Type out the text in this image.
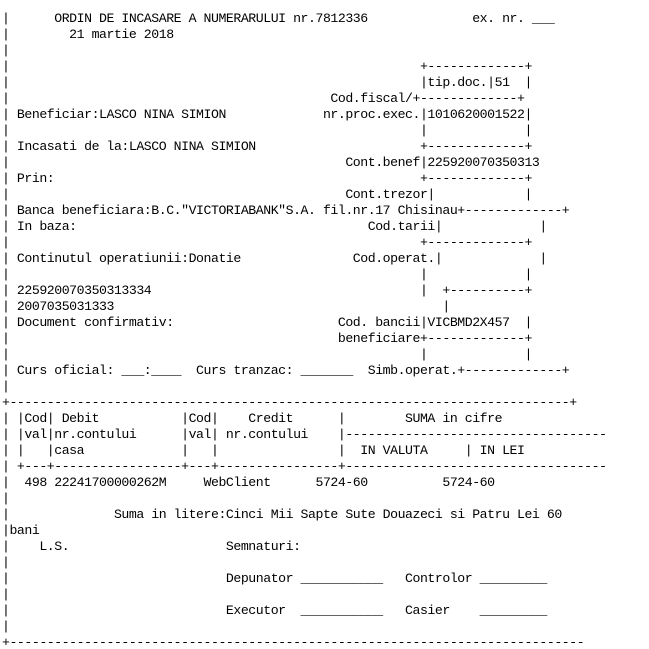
|      ORDIN DE INCASARE A NUMERARULUI nr.7812336              ex. nr. ___
|        21 martie 2018
|
|                                                       +-------------+
|                                                       |tip.doc.|51  |
|                                           Cod.fiscal/+-------------+
| Beneficiar:LASCO NINA SIMION             nr.proc.exec.|1010620001522|
|                                                       |             |
| Incasati de la:LASCO NINA SIMION                      +-------------+
|                                             Cont.benef|225920070350313
| Prin:                                                 +-------------+
|                                             Cont.trezor|            |
| Banca beneficiara:B.C."VICTORIABANK"S.A. fil.nr.17 Chisinau+-------------+
| In baza:                                       Cod.tarii|             |
|                                                       +-------------+
| Continutul operatiunii:Donatie               Cod.operat.|             |
|                                                       |             |
| 225920070350313334                                    |  +----------+
| 2007035031333                                            |
| Document confirmativ:                      Cod. bancii|VICBMD2X457  |
|                                            beneficiare+-------------+
|                                                       |             |
| Curs oficial: ___:____  Curs tranzac: _______  Simb.operat.+-------------+
|
+---------------------------------------------------------------------------+
| |Cod| Debit           |Cod|    Credit      |        SUMA in cifre
| |val|nr.contului      |val| nr.contului    |-----------------------------------
| |   |casa             |   |                |  IN VALUTA     | IN LEI
| +---+-----------------+---+----------------+-----------------------------------
|  498 22241700000262M     WebClient      5724-60          5724-60
|
|              Suma in litere:Cinci Mii Sapte Sute Douazeci si Patru Lei 60
|bani
|    L.S.                     Semnaturi:
|
|                             Depunator ___________   Controlor _________
|
|                             Executor  ___________   Casier    _________
|
+-----------------------------------------------------------------------------
